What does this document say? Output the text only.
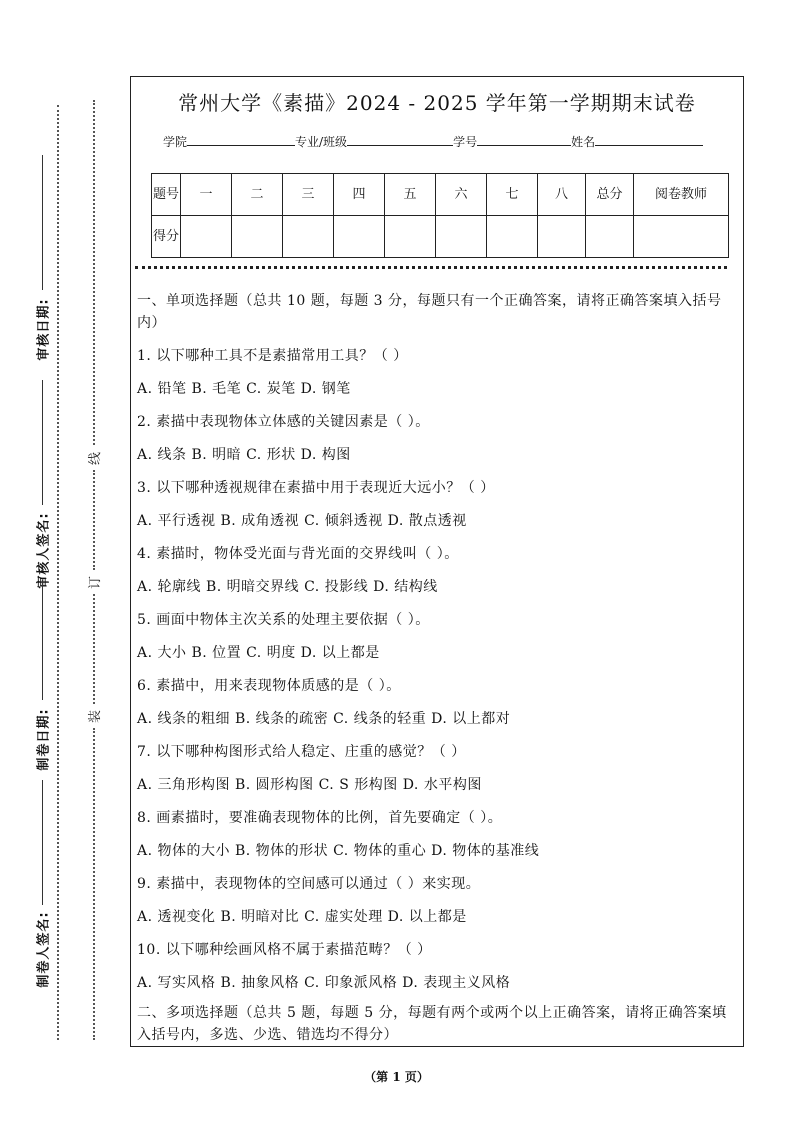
审核日期:
审核人签名:
制卷日期:
制卷人签名:
线
订
装
常州大学《素描》2024 - 2025 学年第一学期期末试卷
学院	专业/班级	学号	姓名
题号	一	二	三	四	五	六	七	八	总分	阅卷教师
得分										
一、单项选择题（总共 10 题，每题 3 分，每题只有一个正确答案，请将正确答案填入括号内）
1. 以下哪种工具不是素描常用工具？（ ）
A. 铅笔 B. 毛笔 C. 炭笔 D. 钢笔
2. 素描中表现物体立体感的关键因素是（ ）。
A. 线条 B. 明暗 C. 形状 D. 构图
3. 以下哪种透视规律在素描中用于表现近大远小？（ ）
A. 平行透视 B. 成角透视 C. 倾斜透视 D. 散点透视
4. 素描时，物体受光面与背光面的交界线叫（ ）。
A. 轮廓线 B. 明暗交界线 C. 投影线 D. 结构线
5. 画面中物体主次关系的处理主要依据（ ）。
A. 大小 B. 位置 C. 明度 D. 以上都是
6. 素描中，用来表现物体质感的是（ ）。
A. 线条的粗细 B. 线条的疏密 C. 线条的轻重 D. 以上都对
7. 以下哪种构图形式给人稳定、庄重的感觉？（ ）
A. 三角形构图 B. 圆形构图 C. S 形构图 D. 水平构图
8. 画素描时，要准确表现物体的比例，首先要确定（ ）。
A. 物体的大小 B. 物体的形状 C. 物体的重心 D. 物体的基准线
9. 素描中，表现物体的空间感可以通过（ ）来实现。
A. 透视变化 B. 明暗对比 C. 虚实处理 D. 以上都是
10. 以下哪种绘画风格不属于素描范畴？（ ）
A. 写实风格 B. 抽象风格 C. 印象派风格 D. 表现主义风格
二、多项选择题（总共 5 题，每题 5 分，每题有两个或两个以上正确答案，请将正确答案填入括号内，多选、少选、错选均不得分）
（第 1 页）
